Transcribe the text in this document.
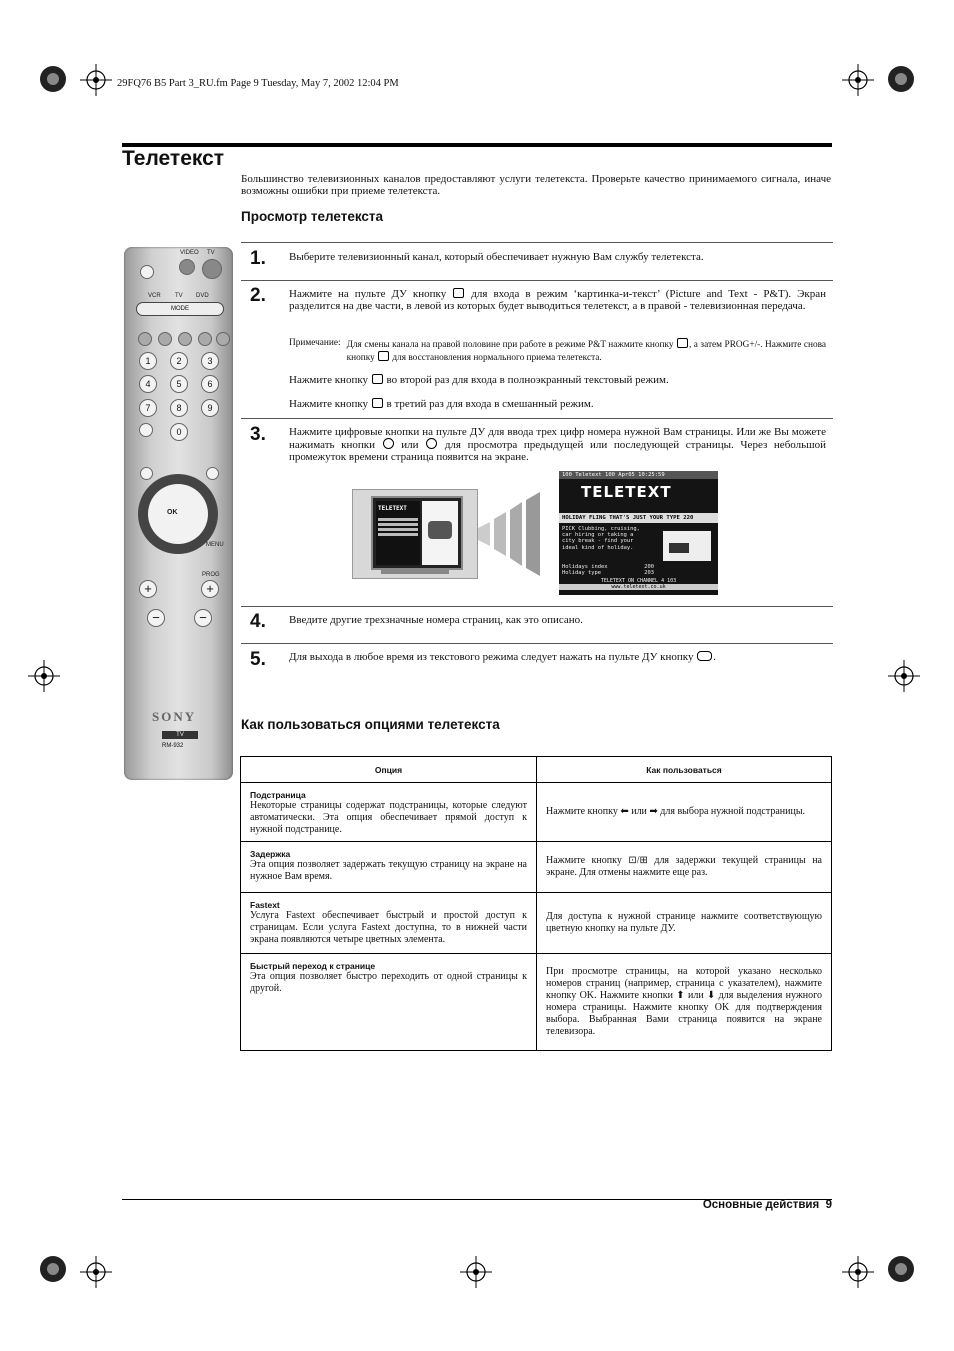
29FQ76 B5 Part 3_RU.fm Page 9 Tuesday, May 7, 2002 12:04 PM
Телетекст
Большинство телевизионных каналов предоставляют услуги телетекста. Проверьте качество принимаемого сигнала, иначе возможны ошибки при приеме телетекста.
Просмотр телетекста
VIDEO TV
VCR TV DVD
MODE
1	2	3
4	5	6
7	8	9
0
OK
MENU
PROG
+	+
−	−
SONY
TV
RM-932
1. Выберите телевизионный канал, который обеспечивает нужную Вам службу телетекста.
2. Нажмите на пульте ДУ кнопку для входа в режим ‘картинка-и-текст’ (Picture and Text - P&T). Экран разделится на две части, в левой из которых будет выводиться телетекст, а в правой - телевизионная передача.
Примечание: Для смены канала на правой половине при работе в режиме P&T нажмите кнопку , а затем PROG+/-. Нажмите снова кнопку для восстановления нормального приема телетекста.
Нажмите кнопку во второй раз для входа в полноэкранный текстовый режим.
Нажмите кнопку в третий раз для входа в смешанный режим.
3. Нажмите цифровые кнопки на пульте ДУ для ввода трех цифр номера нужной Вам страницы. Или же Вы можете нажимать кнопки или для просмотра предыдущей или последующей страницы. Через небольшой промежуток времени страница появится на экране.
TELETEXT
100 Teletext 100 Apr05 10:25:59
TELETEXT
HOLIDAY FLING THAT'S JUST YOUR TYPE 220
PICK Clubbing, cruising,
car hiring or taking a
city break - find your
ideal kind of holiday.
Holidays index	200
Holiday type	203
TELETEXT ON CHANNEL 4 103
www.teletext.co.uk
4. Введите другие трехзначные номера страниц, как это описано.
5. Для выхода в любое время из текстового режима следует нажать на пульте ДУ кнопку .
Как пользоваться опциями телетекста
Опция	Как пользоваться

Подстраница
Некоторые страницы содержат подстраницы, которые следуют автоматически. Эта опция обеспечивает прямой доступ к нужной подстранице.	Нажмите кнопку ⬅ или ➡ для выбора нужной подстраницы.

Задержка
Эта опция позволяет задержать текущую страницу на экране на нужное Вам время.	Нажмите кнопку ⊡/⊞ для задержки текущей страницы на экране. Для отмены нажмите еще раз.

Fastext
Услуга Fastext обеспечивает быстрый и простой доступ к страницам. Если услуга Fastext доступна, то в нижней части экрана появляются четыре цветных элемента.	Для доступа к нужной странице нажмите соответствующую цветную кнопку на пульте ДУ.

Быстрый переход к странице
Эта опция позволяет быстро переходить от одной страницы к другой.	При просмотре страницы, на которой указано несколько номеров страниц (например, страница с указателем), нажмите кнопку OK. Нажмите кнопки ⬆ или ⬇ для выделения нужного номера страницы. Нажмите кнопку OK для подтверждения выбора. Выбранная Вами страница появится на экране телевизора.
Основные действия 9
